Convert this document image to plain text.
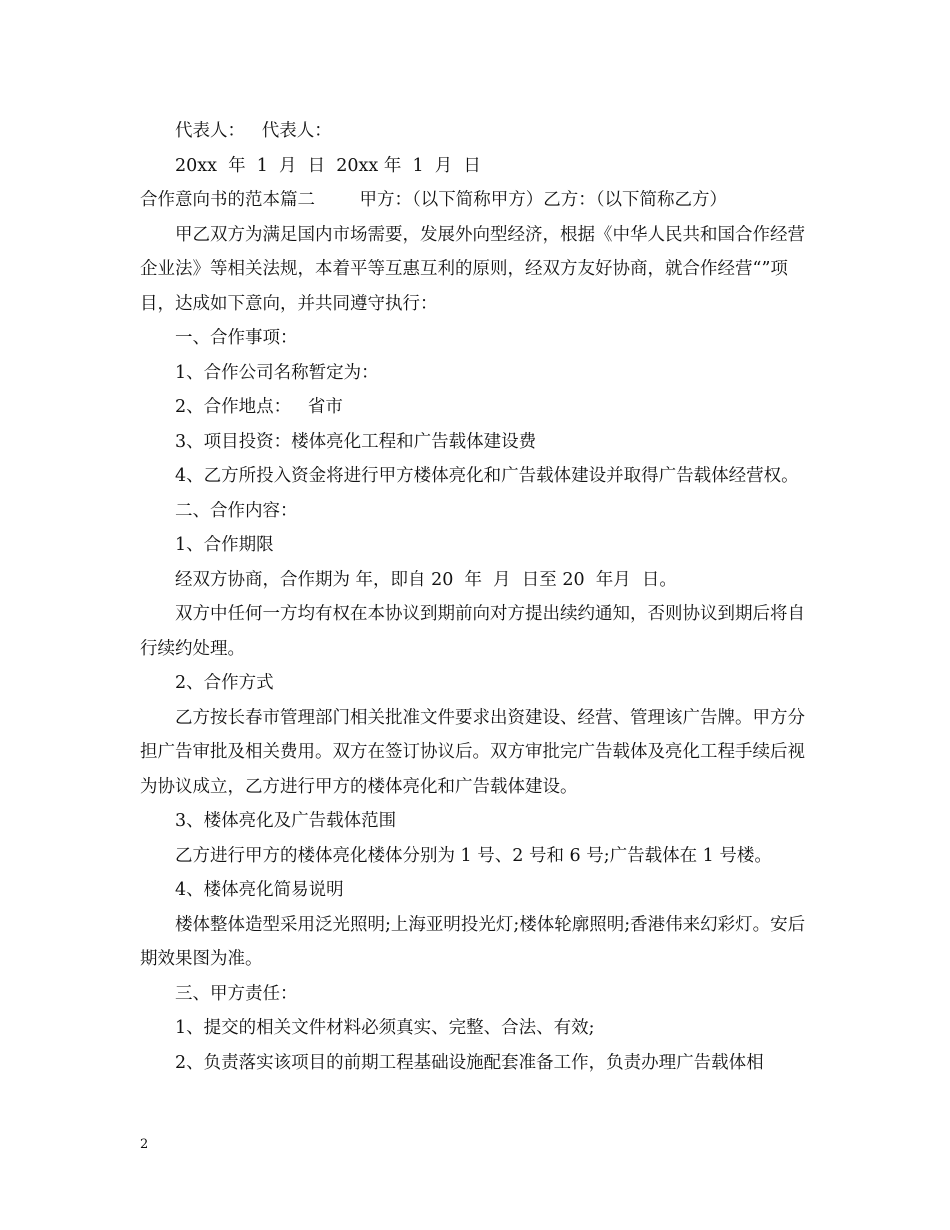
代表人：   代表人：

20xx  年  1  月  日  20xx 年  1  月  日

合作意向书的范本篇二        甲方：（以下简称甲方）乙方：（以下简称乙方）

甲乙双方为满足国内市场需要，发展外向型经济，根据《中华人民共和国合作经营企业法》等相关法规，本着平等互惠互利的原则，经双方友好协商，就合作经营“”项目，达成如下意向，并共同遵守执行：

一、合作事项：

1、合作公司名称暂定为：

2、合作地点：   省市

3、项目投资：楼体亮化工程和广告载体建设费

4、乙方所投入资金将进行甲方楼体亮化和广告载体建设并取得广告载体经营权。

二、合作内容：

1、合作期限

经双方协商，合作期为 年，即自 20  年  月  日至 20  年月  日。

双方中任何一方均有权在本协议到期前向对方提出续约通知，否则协议到期后将自行续约处理。

2、合作方式

乙方按长春市管理部门相关批准文件要求出资建设、经营、管理该广告牌。甲方分担广告审批及相关费用。双方在签订协议后。双方审批完广告载体及亮化工程手续后视为协议成立，乙方进行甲方的楼体亮化和广告载体建设。

3、楼体亮化及广告载体范围

乙方进行甲方的楼体亮化楼体分别为 1 号、2 号和 6 号;广告载体在 1 号楼。

4、楼体亮化简易说明

楼体整体造型采用泛光照明;上海亚明投光灯;楼体轮廓照明;香港伟来幻彩灯。安后期效果图为准。

三、甲方责任：

1、提交的相关文件材料必须真实、完整、合法、有效;

2、负责落实该项目的前期工程基础设施配套准备工作，负责办理广告载体相

2
